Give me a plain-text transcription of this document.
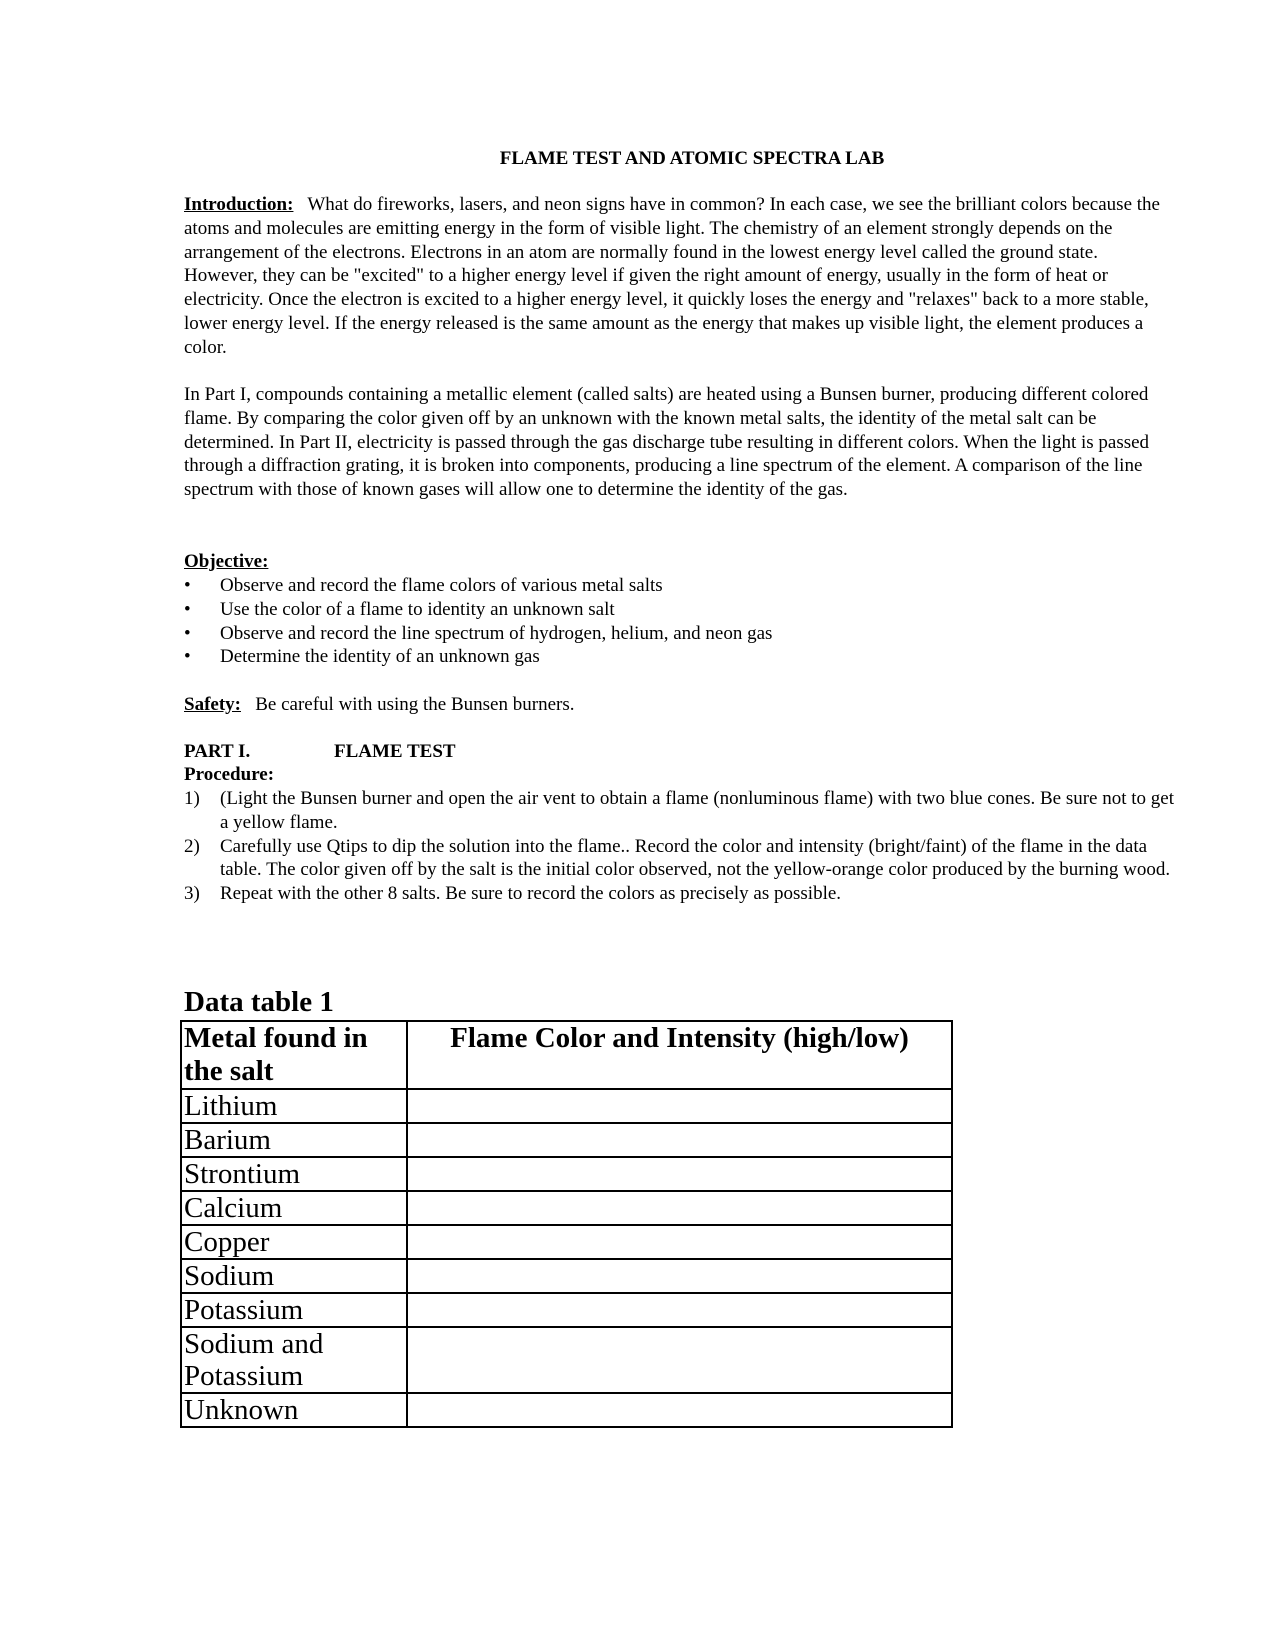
FLAME TEST AND ATOMIC SPECTRA LAB

Introduction: What do fireworks, lasers, and neon signs have in common? In each case, we see the brilliant colors because the atoms and molecules are emitting energy in the form of visible light. The chemistry of an element strongly depends on the arrangement of the electrons. Electrons in an atom are normally found in the lowest energy level called the ground state. However, they can be "excited" to a higher energy level if given the right amount of energy, usually in the form of heat or electricity. Once the electron is excited to a higher energy level, it quickly loses the energy and "relaxes" back to a more stable, lower energy level. If the energy released is the same amount as the energy that makes up visible light, the element produces a color.

In Part I, compounds containing a metallic element (called salts) are heated using a Bunsen burner, producing different colored flame. By comparing the color given off by an unknown with the known metal salts, the identity of the metal salt can be determined. In Part II, electricity is passed through the gas discharge tube resulting in different colors. When the light is passed through a diffraction grating, it is broken into components, producing a line spectrum of the element. A comparison of the line spectrum with those of known gases will allow one to determine the identity of the gas.

Objective:
• Observe and record the flame colors of various metal salts
• Use the color of a flame to identity an unknown salt
• Observe and record the line spectrum of hydrogen, helium, and neon gas
• Determine the identity of an unknown gas

Safety: Be careful with using the Bunsen burners.

PART I.	FLAME TEST
Procedure:
1) (Light the Bunsen burner and open the air vent to obtain a flame (nonluminous flame) with two blue cones. Be sure not to get a yellow flame.
2) Carefully use Qtips to dip the solution into the flame.. Record the color and intensity (bright/faint) of the flame in the data table. The color given off by the salt is the initial color observed, not the yellow-orange color produced by the burning wood.
3) Repeat with the other 8 salts. Be sure to record the colors as precisely as possible.
Data table 1
Metal found in the salt	Flame Color and Intensity (high/low)
Lithium	
Barium	
Strontium	
Calcium	
Copper	
Sodium	
Potassium	
Sodium and Potassium	
Unknown	
